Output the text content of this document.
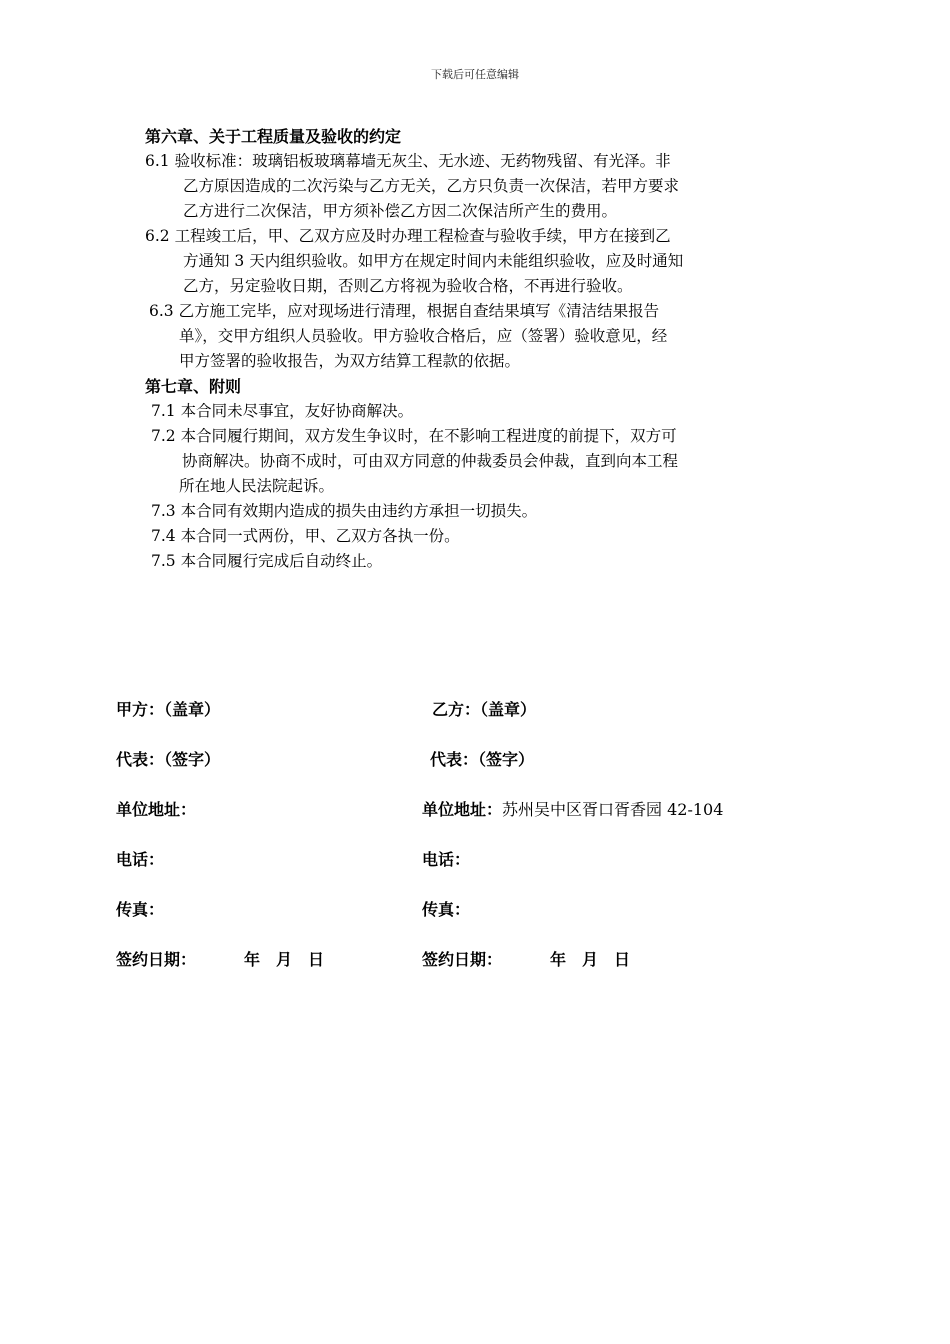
下载后可任意编辑

第六章、关于工程质量及验收的约定

6.1 验收标准：玻璃铝板玻璃幕墙无灰尘、无水迹、无药物残留、有光泽。非
乙方原因造成的二次污染与乙方无关，乙方只负责一次保洁，若甲方要求
乙方进行二次保洁，甲方须补偿乙方因二次保洁所产生的费用。

6.2 工程竣工后，甲、乙双方应及时办理工程检查与验收手续，甲方在接到乙
方通知 3 天内组织验收。如甲方在规定时间内未能组织验收，应及时通知
乙方，另定验收日期，否则乙方将视为验收合格，不再进行验收。

6.3 乙方施工完毕，应对现场进行清理，根据自查结果填写《清洁结果报告
单》，交甲方组织人员验收。甲方验收合格后，应（签署）验收意见，经
甲方签署的验收报告，为双方结算工程款的依据。

第七章、附则

7.1 本合同未尽事宜，友好协商解决。

7.2 本合同履行期间，双方发生争议时，在不影响工程进度的前提下，双方可
协商解决。协商不成时，可由双方同意的仲裁委员会仲裁，直到向本工程
所在地人民法院起诉。

7.3 本合同有效期内造成的损失由违约方承担一切损失。

7.4 本合同一式两份，甲、乙双方各执一份。

7.5 本合同履行完成后自动终止。

甲方：（盖章）	乙方：（盖章）
代表：（签字）	代表：（签字）
单位地址：	单位地址：苏州吴中区胥口胥香园 42-104
电话：	电话：
传真：	传真：
签约日期：	年　月　日	签约日期：	年　月　日
